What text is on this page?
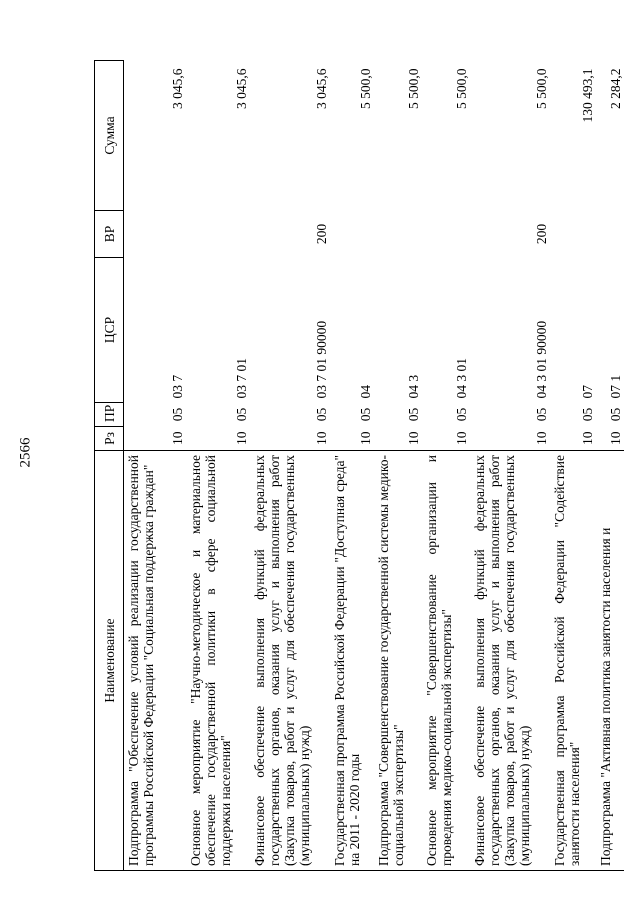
2566
Наименование	Рз	ПР	ЦСР	ВР	Сумма
Подпрограмма "Обеспечение условий реализации государственной программы Российской Федерации "Социальная поддержка граждан"	10	05	03 7		3 045,6
Основное мероприятие "Научно-методическое и материальное обеспечение государственной политики в сфере социальной поддержки населения"	10	05	03 7 01		3 045,6
Финансовое обеспечение выполнения функций федеральных государственных органов, оказания услуг и выполнения работ (Закупка товаров, работ и услуг для обеспечения государственных (муниципальных) нужд)	10	05	03 7 01 90000	200	3 045,6
Государственная программа Российской Федерации "Доступная среда" на 2011 - 2020 годы	10	05	04		5 500,0
Подпрограмма "Совершенствование государственной системы медико-социальной экспертизы"	10	05	04 3		5 500,0
Основное мероприятие "Совершенствование организации и проведения медико-социальной экспертизы"	10	05	04 3 01		5 500,0
Финансовое обеспечение выполнения функций федеральных государственных органов, оказания услуг и выполнения работ (Закупка товаров, работ и услуг для обеспечения государственных (муниципальных) нужд)	10	05	04 3 01 90000	200	5 500,0
Государственная программа Российской Федерации "Содействие занятости населения"	10	05	07		130 493,1
Подпрограмма "Активная политика занятости населения и	10	05	07 1		2 284,2
